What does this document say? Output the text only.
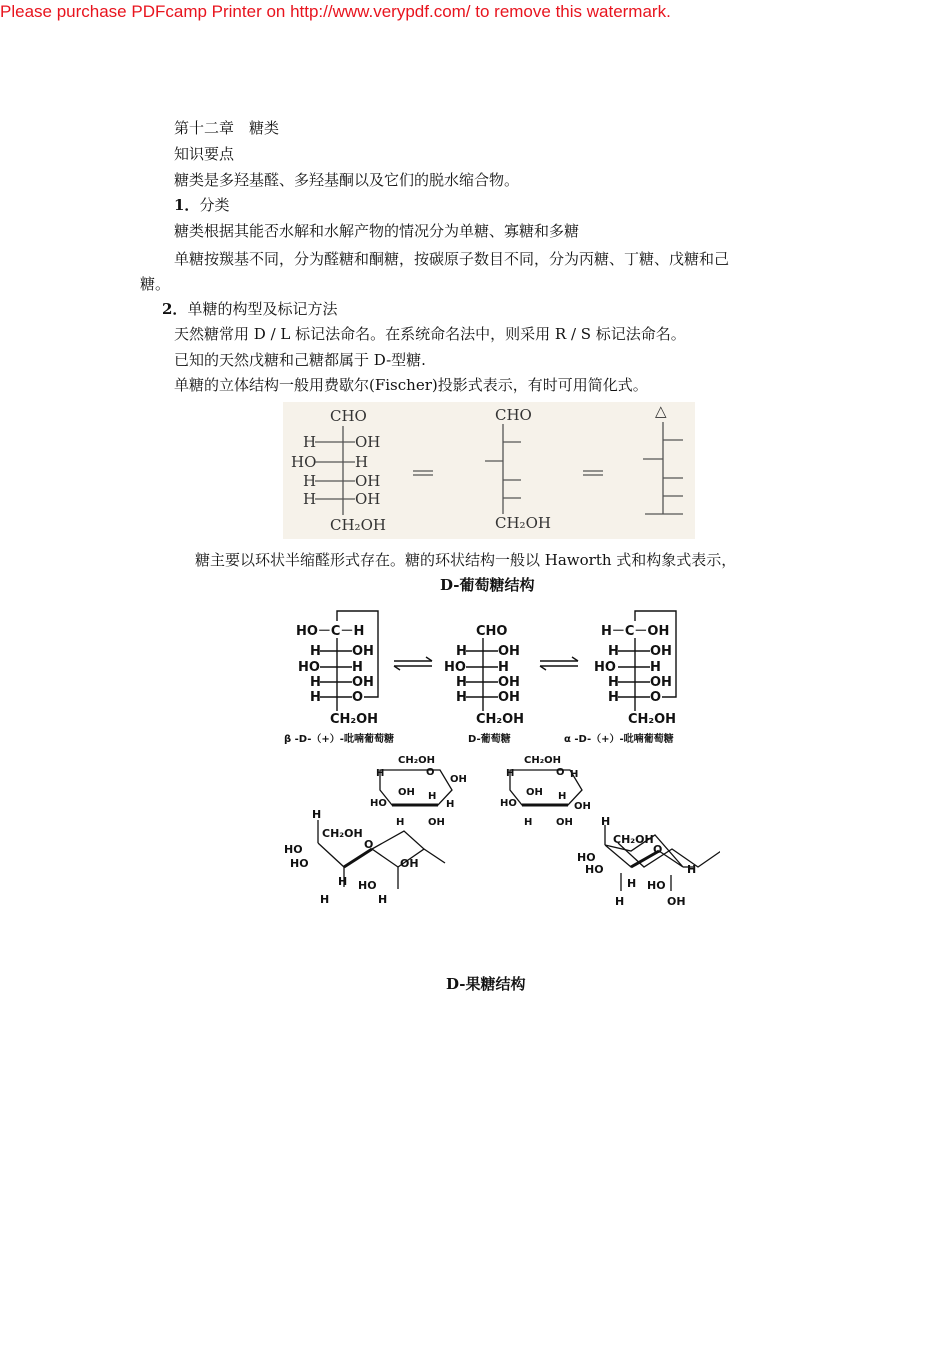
Please purchase PDFcamp Printer on http://www.verypdf.com/ to remove this watermark.
第十二章　糖类
知识要点
糖类是多羟基醛、多羟基酮以及它们的脱水缩合物。
1．分类
糖类根据其能否水解和水解产物的情况分为单糖、寡糖和多糖
单糖按羰基不同，分为醛糖和酮糖，按碳原子数目不同，分为丙糖、丁糖、戊糖和己
糖。
2．单糖的构型及标记方法
天然糖常用 D / L 标记法命名。在系统命名法中，则采用 R / S 标记法命名。
已知的天然戊糖和己糖都属于 D-型糖.
单糖的立体结构一般用费歇尔(Fischer)投影式表示，有时可用简化式。
CHO
H	OH
HO	H
H	OH
H	OH
CH₂OH
CHO
CH₂OH
△
糖主要以环状半缩醛形式存在。糖的环状结构一般以 Haworth 式和构象式表示，
D-葡萄糖结构
HO－C－H
H OH
HO H
H OH
H O
CH₂OH
CHO
H OH
HO H
H OH
H OH
CH₂OH
H－C－OH
H OH
HO	H
H OH
H O
CH₂OH
β -D-（+）-吡喃葡萄糖	D-葡萄糖	α -D-（+）-吡喃葡萄糖
CH₂OH
O
OH
H
OH
HO
H OH
H
H
CH₂OH
O H
H
OH
HO
H OH
H
OH
H
CH₂OH
O
HO
HO	OH
H HO
H	H
H
CH₂OH
O
HO
HO	H
H HO
H	OH
D-果糖结构
